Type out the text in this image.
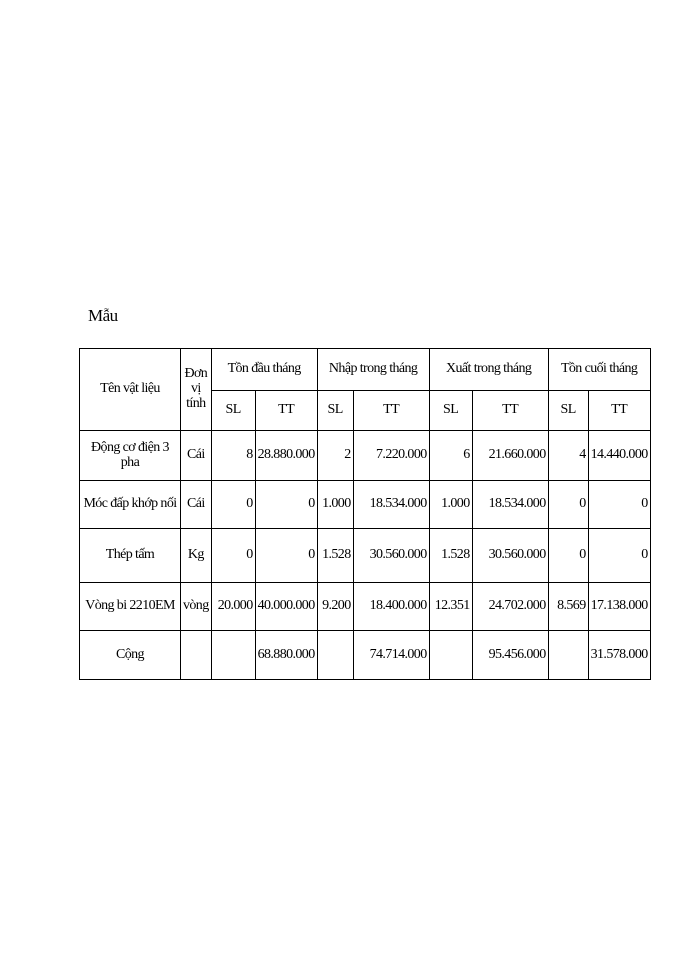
Mẫu
Tên vật liệu	Đơn vị tính	Tồn đầu tháng		Nhập trong tháng		Xuất trong tháng		Tồn cuối tháng	
		SL	TT	SL	TT	SL	TT	SL	TT
Động cơ điện 3 pha	Cái	8	28.880.000	2	7.220.000	6	21.660.000	4	14.440.000
Móc đấp khớp nối	Cái	0	0	1.000	18.534.000	1.000	18.534.000	0	0
Thép tấm	Kg	0	0	1.528	30.560.000	1.528	30.560.000	0	0
Vòng bi 2210EM	vòng	20.000	40.000.000	9.200	18.400.000	12.351	24.702.000	8.569	17.138.000
Cộng			68.880.000		74.714.000		95.456.000		31.578.000
